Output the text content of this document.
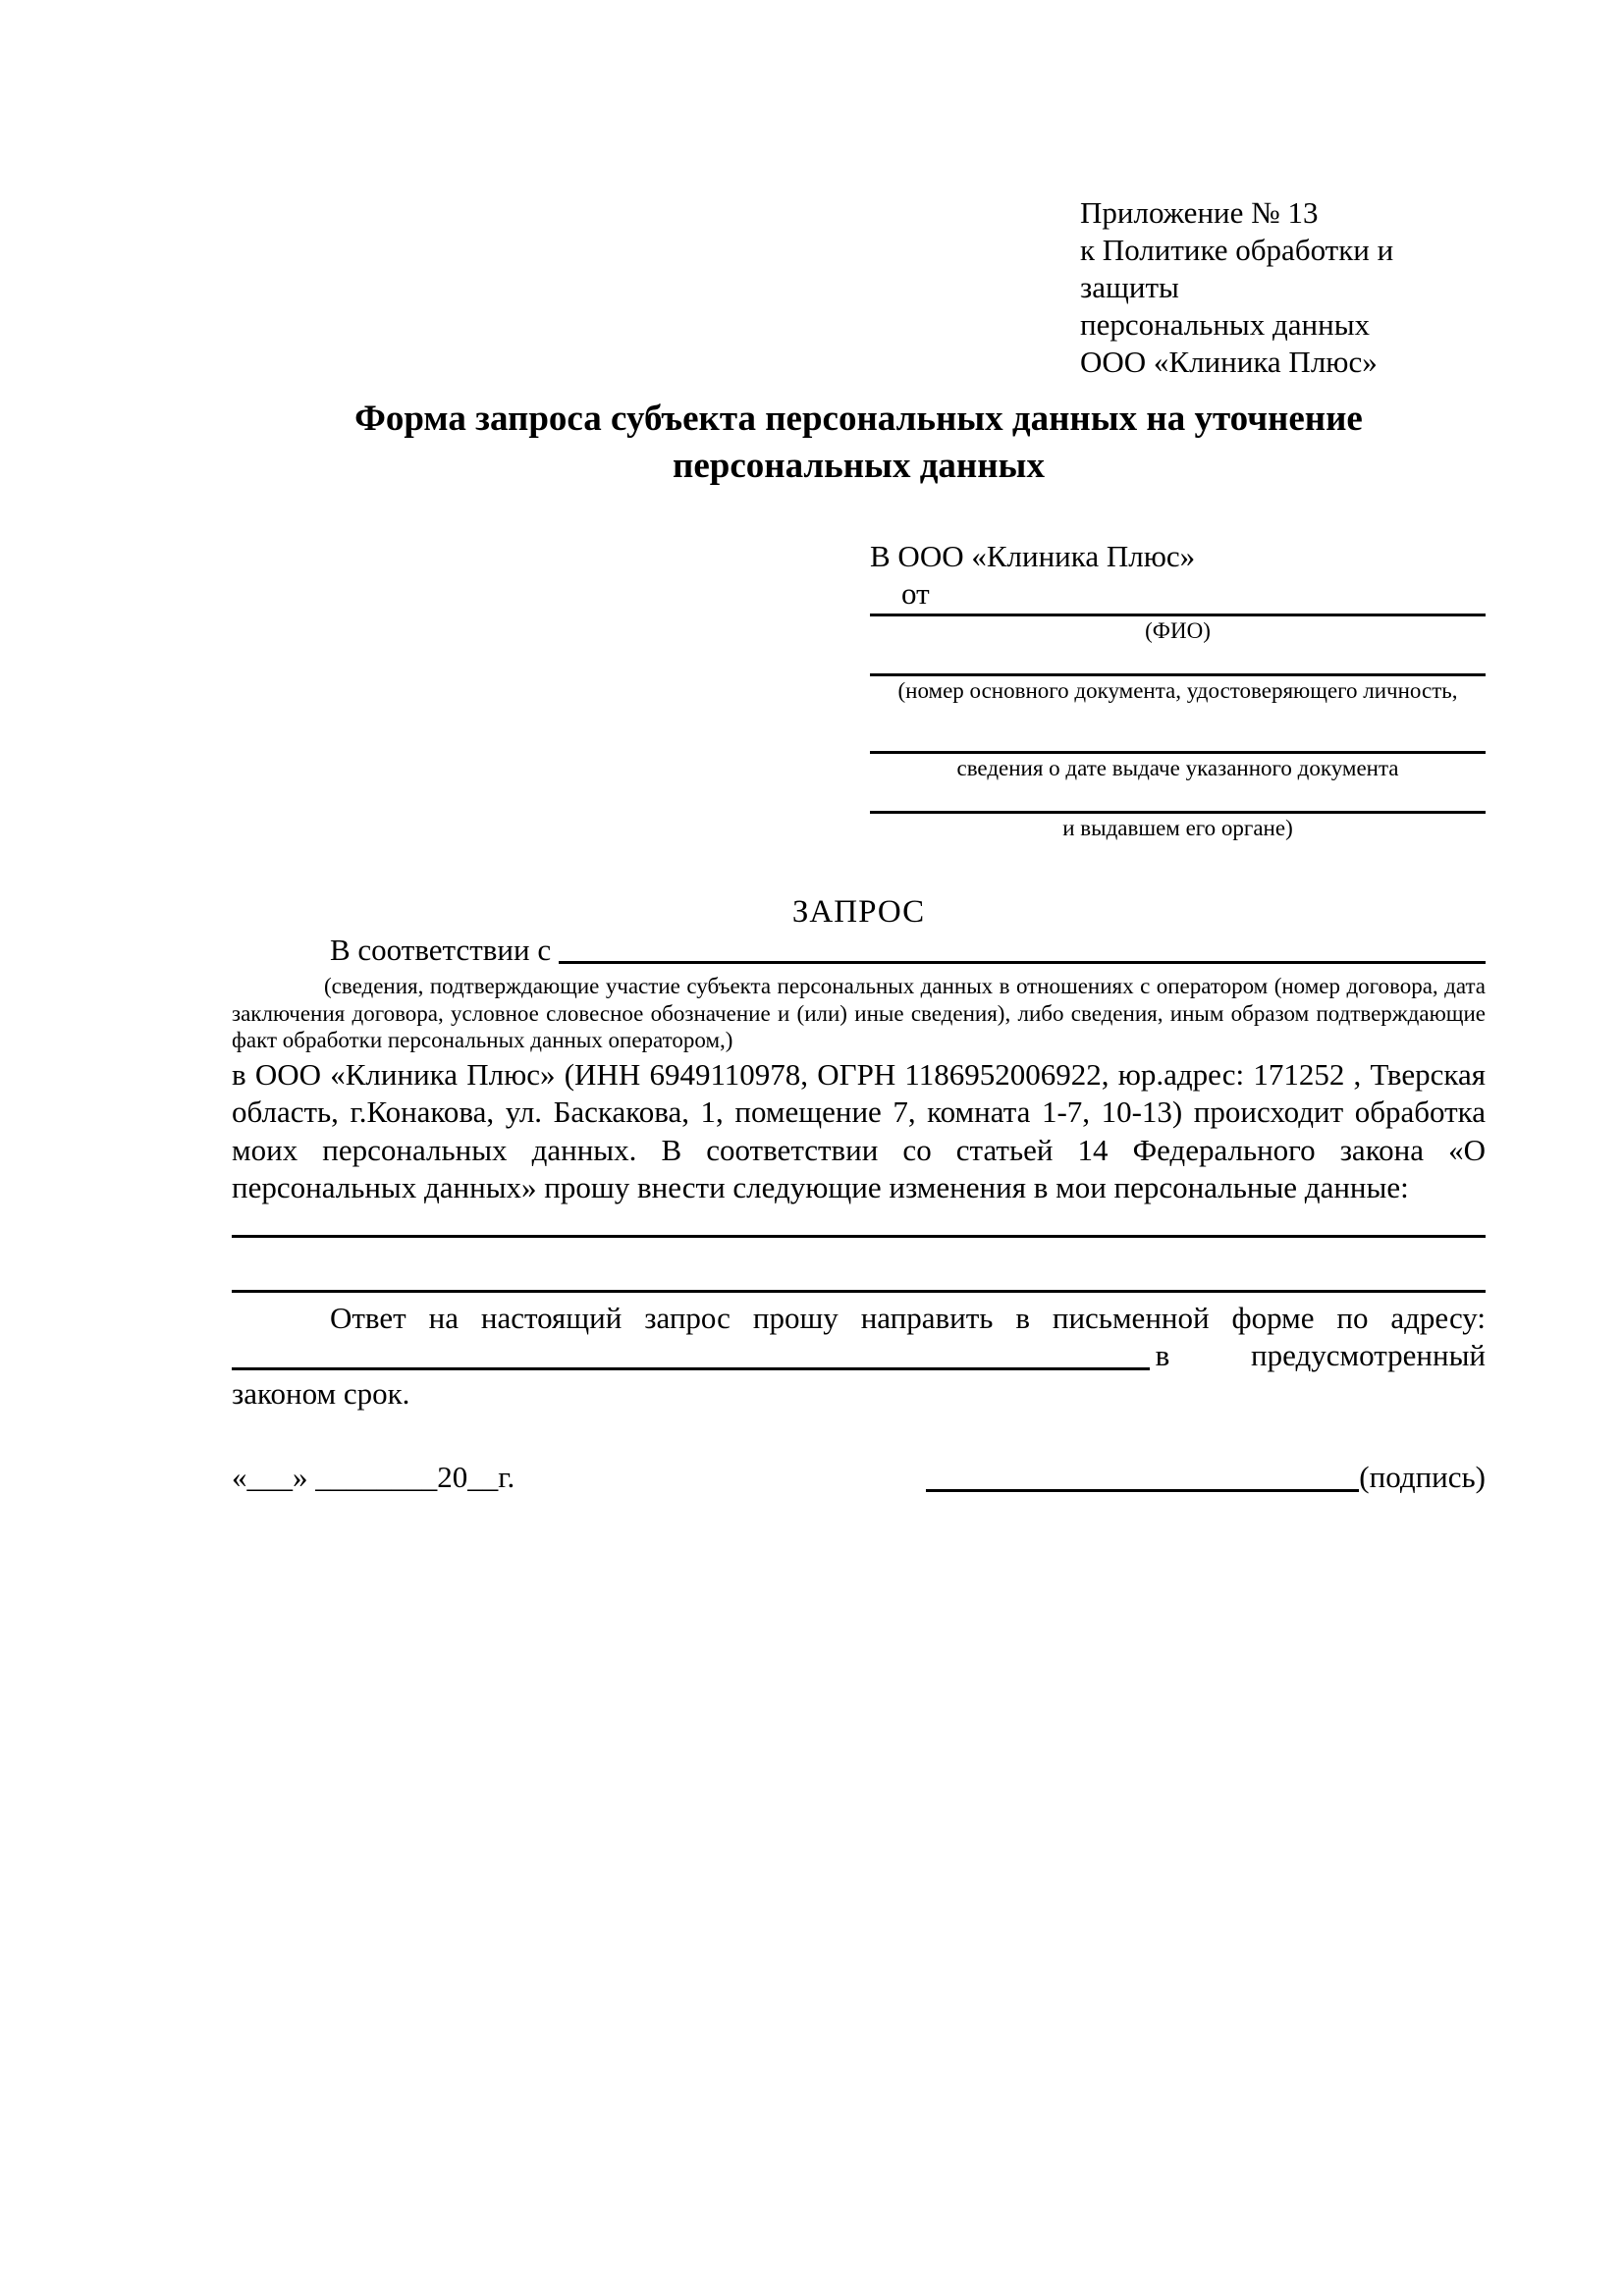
Приложение № 13
к Политике обработки и защиты
персональных данных
ООО «Клиника Плюс»
Форма запроса субъекта персональных данных на уточнение персональных данных
В ООО «Клиника Плюс»
от
(ФИО)
(номер основного документа, удостоверяющего личность,
сведения о дате выдаче указанного документа
и выдавшем его органе)
ЗАПРОС
В соответствии с

(сведения, подтверждающие участие субъекта персональных данных в отношениях с оператором (номер договора, дата заключения договора, условное словесное обозначение и (или) иные сведения), либо сведения, иным образом подтверждающие факт обработки персональных данных оператором,)

в ООО «Клиника Плюс» (ИНН 6949110978, ОГРН 1186952006922, юр.адрес: 171252 , Тверская область, г.Конакова, ул. Баскакова, 1, помещение 7, комната 1-7, 10-13) происходит обработка моих персональных данных. В соответствии со статьей 14 Федерального закона «О персональных данных» прошу внести следующие изменения в мои персональные данные:

Ответ на настоящий запрос прошу направить в письменной форме по адресу:

в предусмотренный

законом срок.

«___» ________20__г.	(подпись)
